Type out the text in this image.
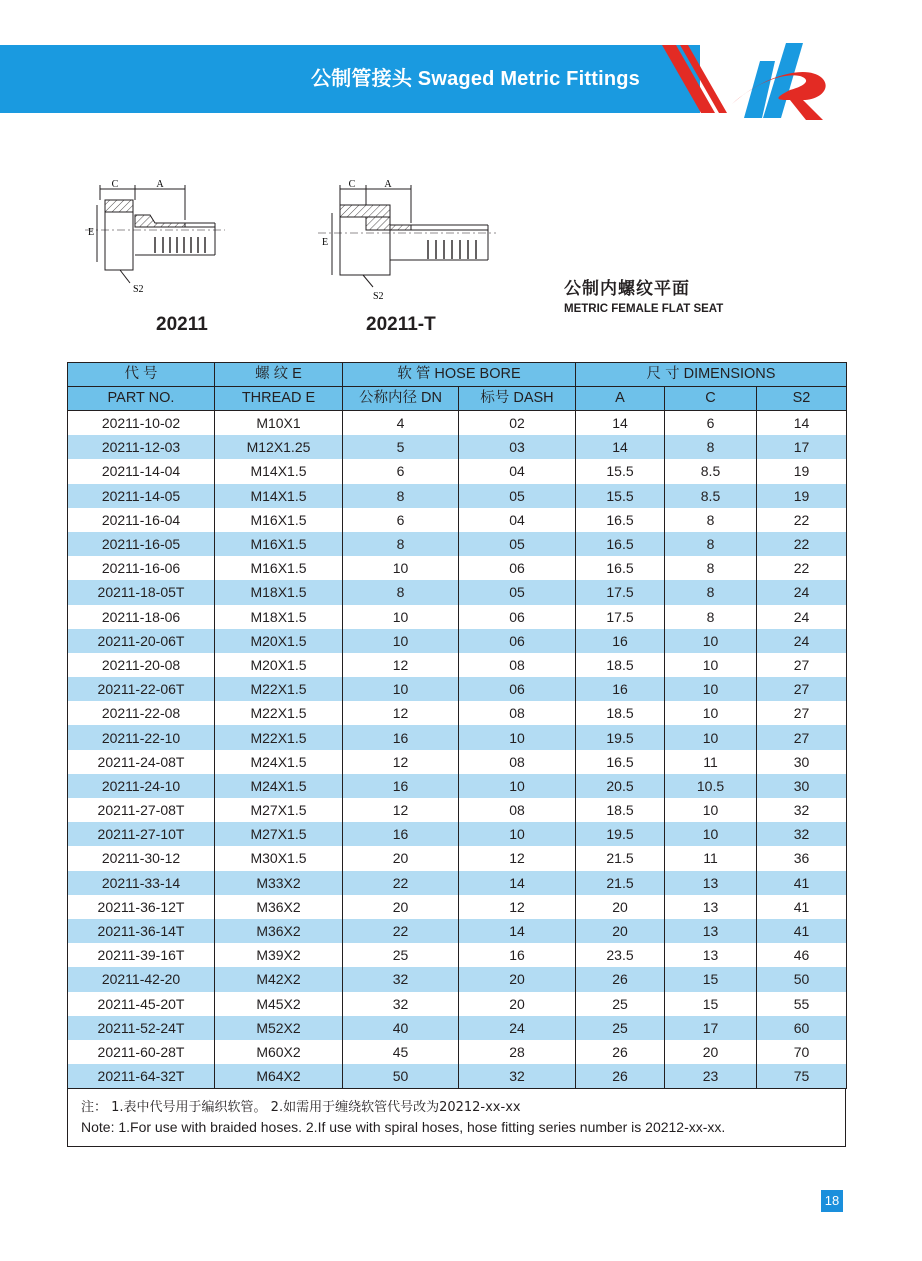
公制管接头 Swaged Metric Fittings
C	A
E
S2
20211
C	A
E
S2
20211-T
公制内螺纹平面
METRIC FEMALE FLAT SEAT
代 号	螺 纹 E	软 管 HOSE BORE		尺 寸 DIMENSIONS		
PART NO.	THREAD E	公称内径 DN	标号 DASH	A	C	S2
20211-10-02	M10X1	4	02	14	6	14
20211-12-03	M12X1.25	5	03	14	8	17
20211-14-04	M14X1.5	6	04	15.5	8.5	19
20211-14-05	M14X1.5	8	05	15.5	8.5	19
20211-16-04	M16X1.5	6	04	16.5	8	22
20211-16-05	M16X1.5	8	05	16.5	8	22
20211-16-06	M16X1.5	10	06	16.5	8	22
20211-18-05T	M18X1.5	8	05	17.5	8	24
20211-18-06	M18X1.5	10	06	17.5	8	24
20211-20-06T	M20X1.5	10	06	16	10	24
20211-20-08	M20X1.5	12	08	18.5	10	27
20211-22-06T	M22X1.5	10	06	16	10	27
20211-22-08	M22X1.5	12	08	18.5	10	27
20211-22-10	M22X1.5	16	10	19.5	10	27
20211-24-08T	M24X1.5	12	08	16.5	11	30
20211-24-10	M24X1.5	16	10	20.5	10.5	30
20211-27-08T	M27X1.5	12	08	18.5	10	32
20211-27-10T	M27X1.5	16	10	19.5	10	32
20211-30-12	M30X1.5	20	12	21.5	11	36
20211-33-14	M33X2	22	14	21.5	13	41
20211-36-12T	M36X2	20	12	20	13	41
20211-36-14T	M36X2	22	14	20	13	41
20211-39-16T	M39X2	25	16	23.5	13	46
20211-42-20	M42X2	32	20	26	15	50
20211-45-20T	M45X2	32	20	25	15	55
20211-52-24T	M52X2	40	24	25	17	60
20211-60-28T	M60X2	45	28	26	20	70
20211-64-32T	M64X2	50	32	26	23	75
注： 1.表中代号用于编织软管。 2.如需用于缠绕软管代号改为20212-xx-xx
Note: 1.For use with braided hoses. 2.If use with spiral hoses, hose fitting series number is 20212-xx-xx.
18
